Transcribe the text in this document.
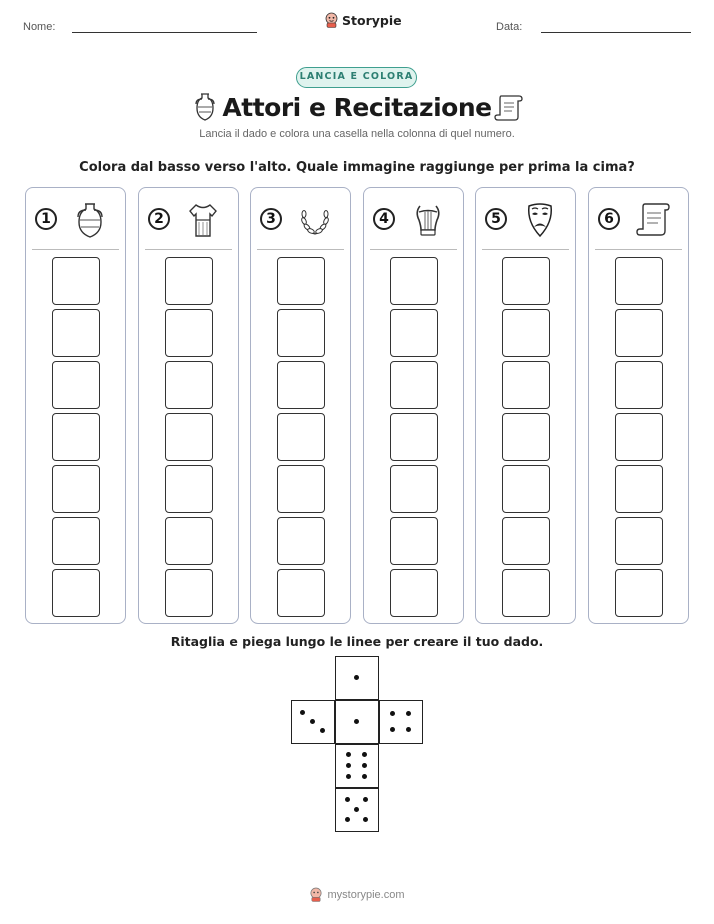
Nome:	Storypie	Data:
LANCIA E COLORA
Attori e Recitazione
Lancia il dado e colora una casella nella colonna di quel numero.
Colora dal basso verso l'alto. Quale immagine raggiunge per prima la cima?
1	2	3	4	5	6
Ritaglia e piega lungo le linee per creare il tuo dado.
mystorypie.com
